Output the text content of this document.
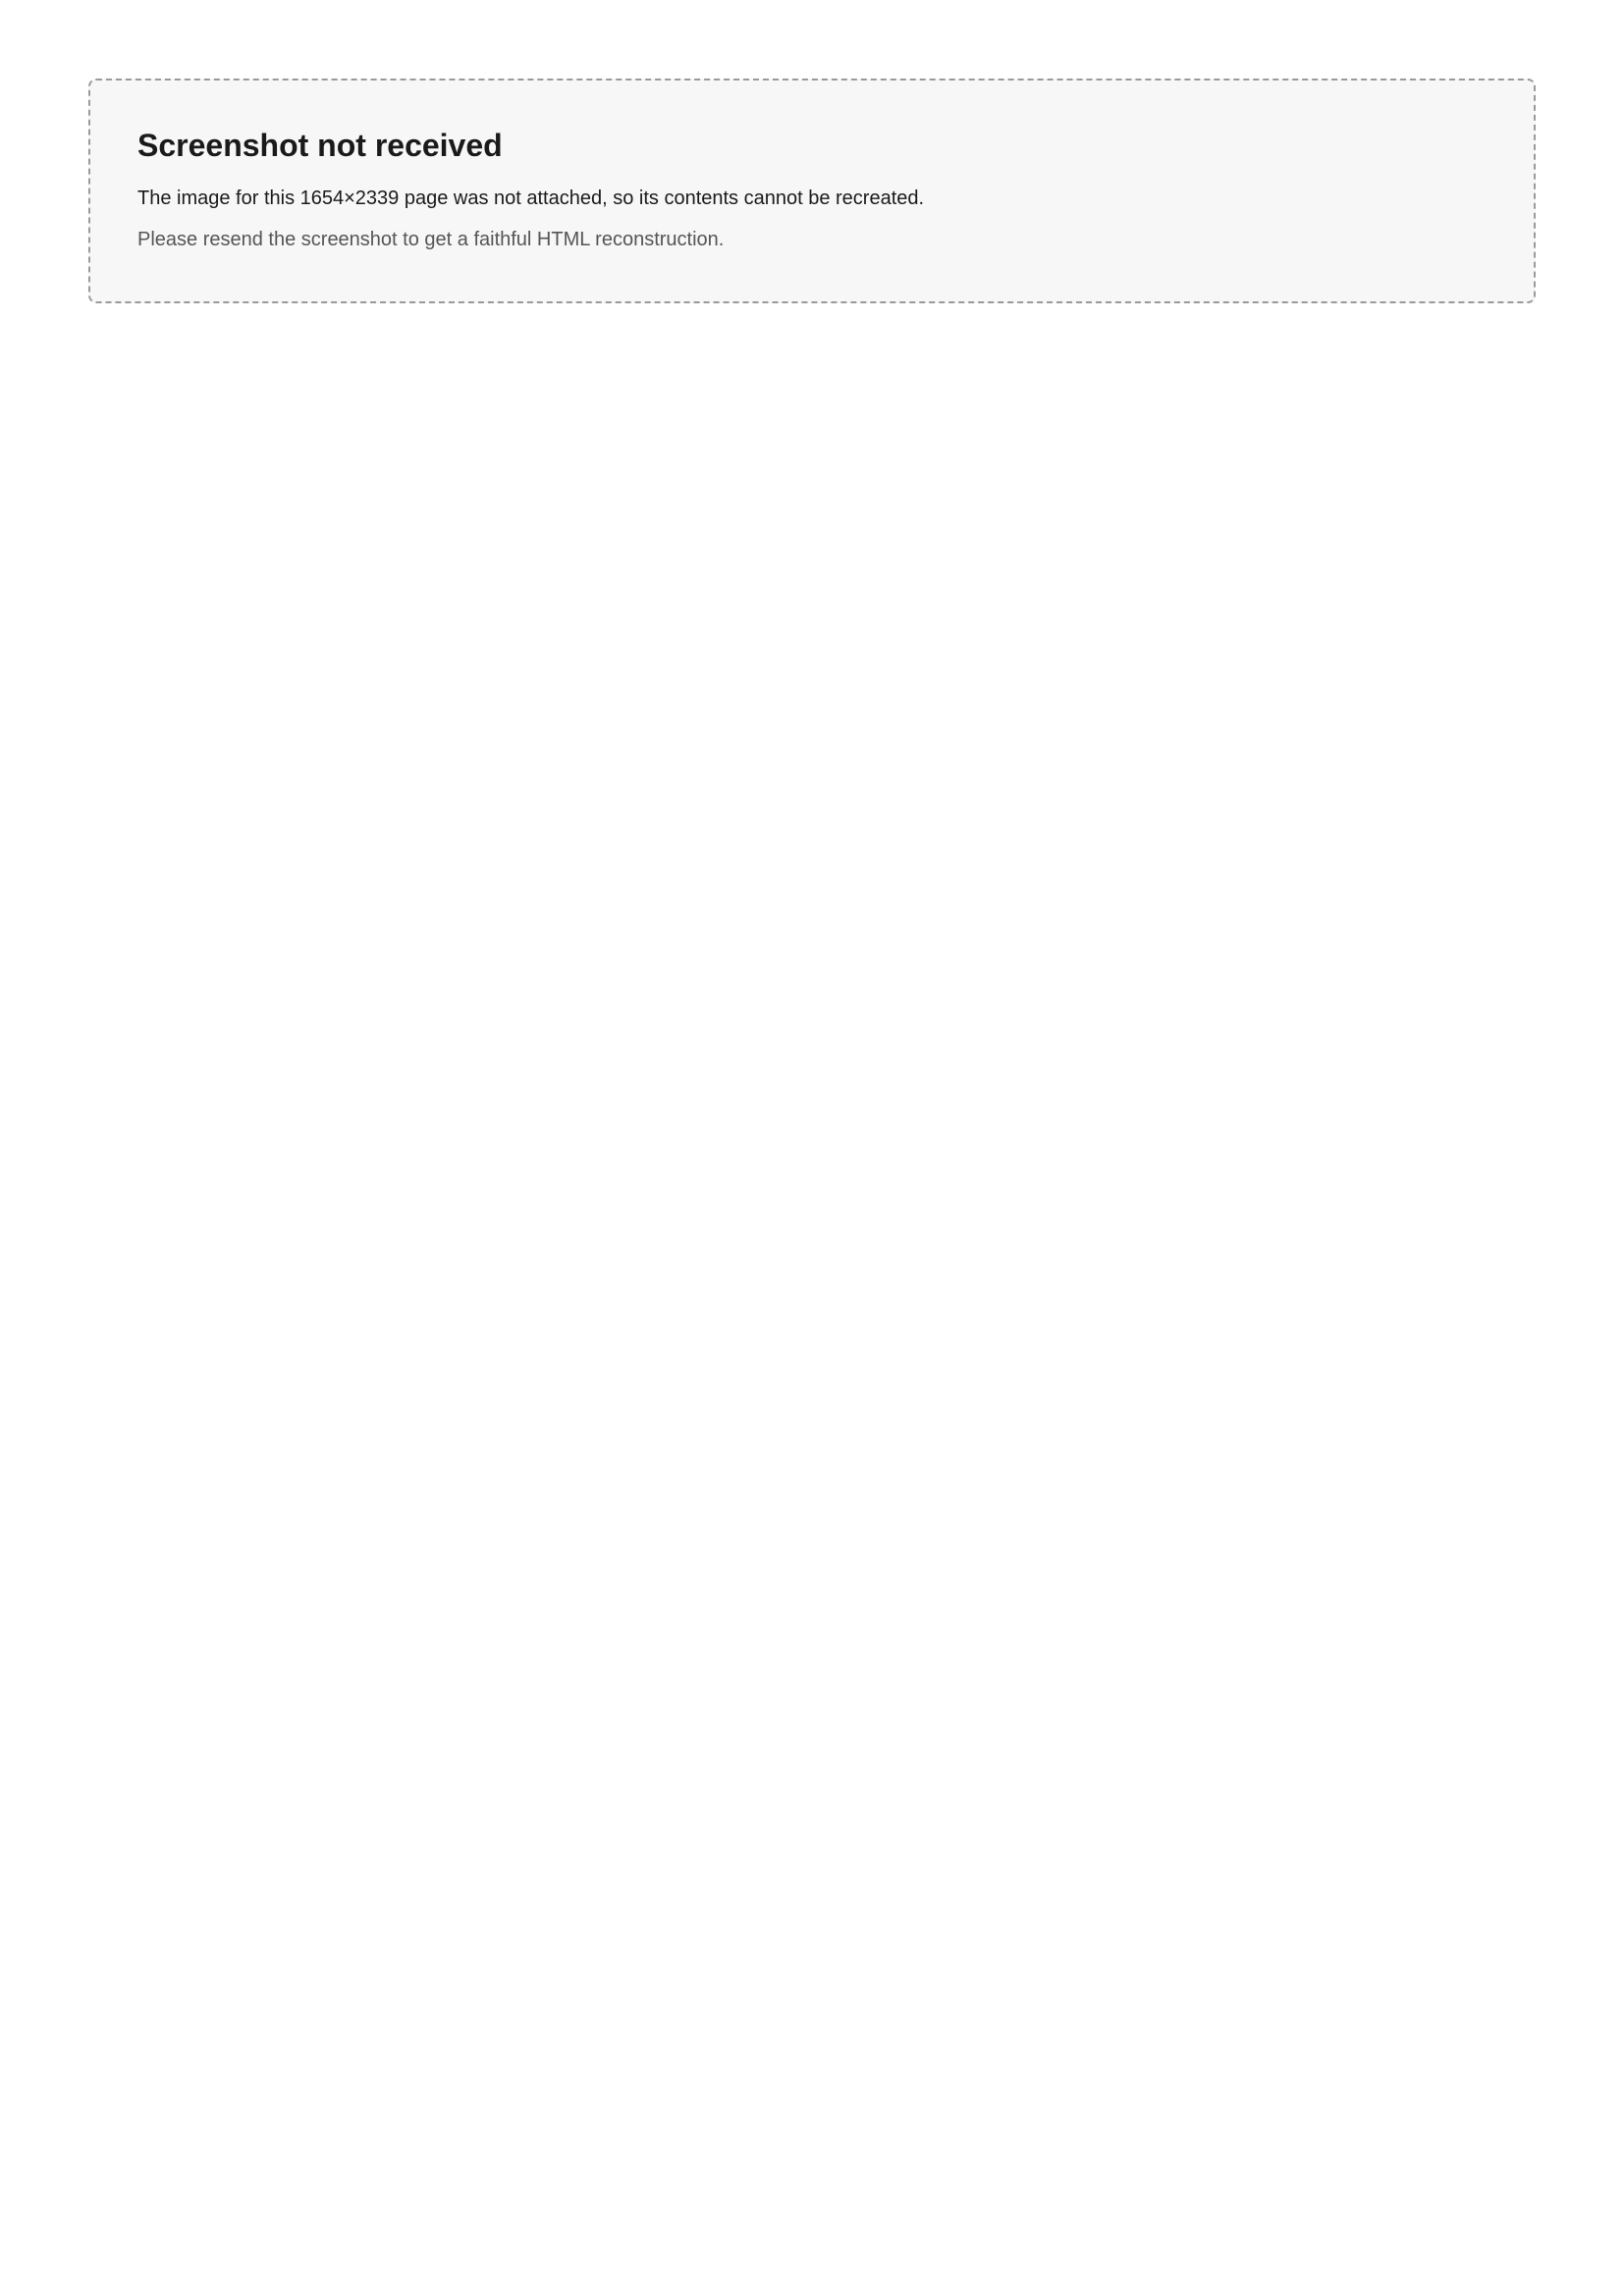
Screenshot not received

The image for this 1654×2339 page was not attached, so its contents cannot be recreated.

Please resend the screenshot to get a faithful HTML reconstruction.
